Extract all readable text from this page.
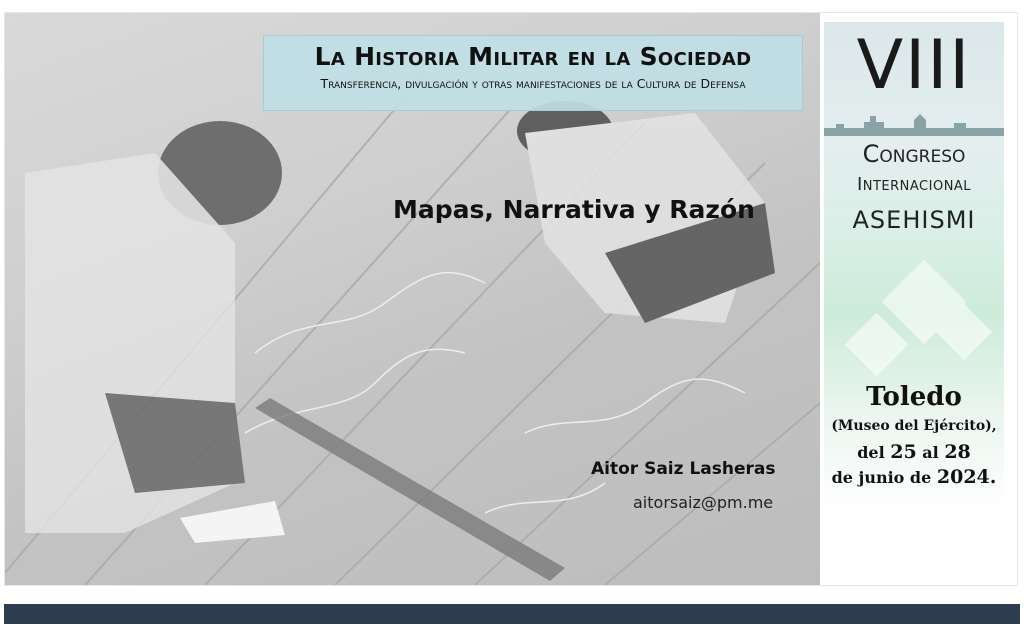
La Historia Militar en la Sociedad
Transferencia, divulgación y otras manifestaciones de la Cultura de Defensa
Mapas, Narrativa y Razón
Aitor Saiz Lasheras
aitorsaiz@pm.me
VIII
Congreso
Internacional
ASEHISMI
Toledo
(Museo del Ejército),
del 25 al 28
de junio de 2024.
